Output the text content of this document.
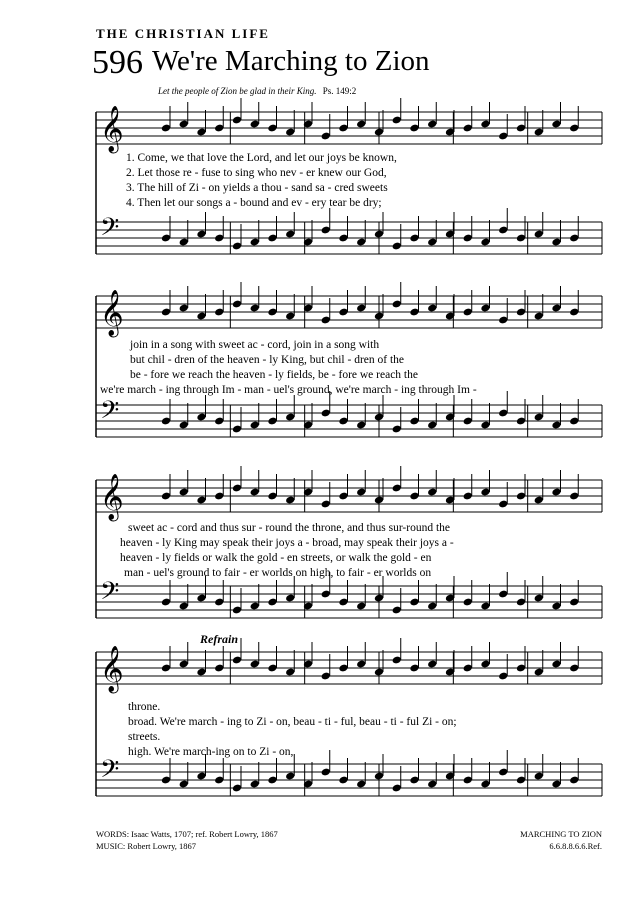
THE CHRISTIAN LIFE
596 We're Marching to Zion
Let the people of Zion be glad in their King. Ps. 149:2
𝄞
𝄢
1. Come, we that love the Lord, and let our joys be known,
2. Let those re - fuse to sing who nev - er knew our God,
3. The hill of Zi - on yields a thou - sand sa - cred sweets
4. Then let our songs a - bound and ev - ery tear be dry;
𝄞
𝄢
join in a song with sweet ac - cord, join in a song with
but chil - dren of the heaven - ly King, but chil - dren of the
be - fore we reach the heaven - ly fields, be - fore we reach the
we're march - ing through Im - man - uel's ground, we're march - ing through Im -
𝄞
𝄢
sweet ac - cord and thus sur - round the throne, and thus sur-round the
heaven - ly King may speak their joys a - broad, may speak their joys a -
heaven - ly fields or walk the gold - en streets, or walk the gold - en
man - uel's ground to fair - er worlds on high, to fair - er worlds on
𝄞
𝄢
Refrain
throne.
broad. We're march - ing to Zi - on, beau - ti - ful, beau - ti - ful Zi - on;
streets.
high. We're march-ing on to Zi - on,
WORDS: Isaac Watts, 1707; ref. Robert Lowry, 1867
MUSIC: Robert Lowry, 1867
MARCHING TO ZION
6.6.8.8.6.6.Ref.
